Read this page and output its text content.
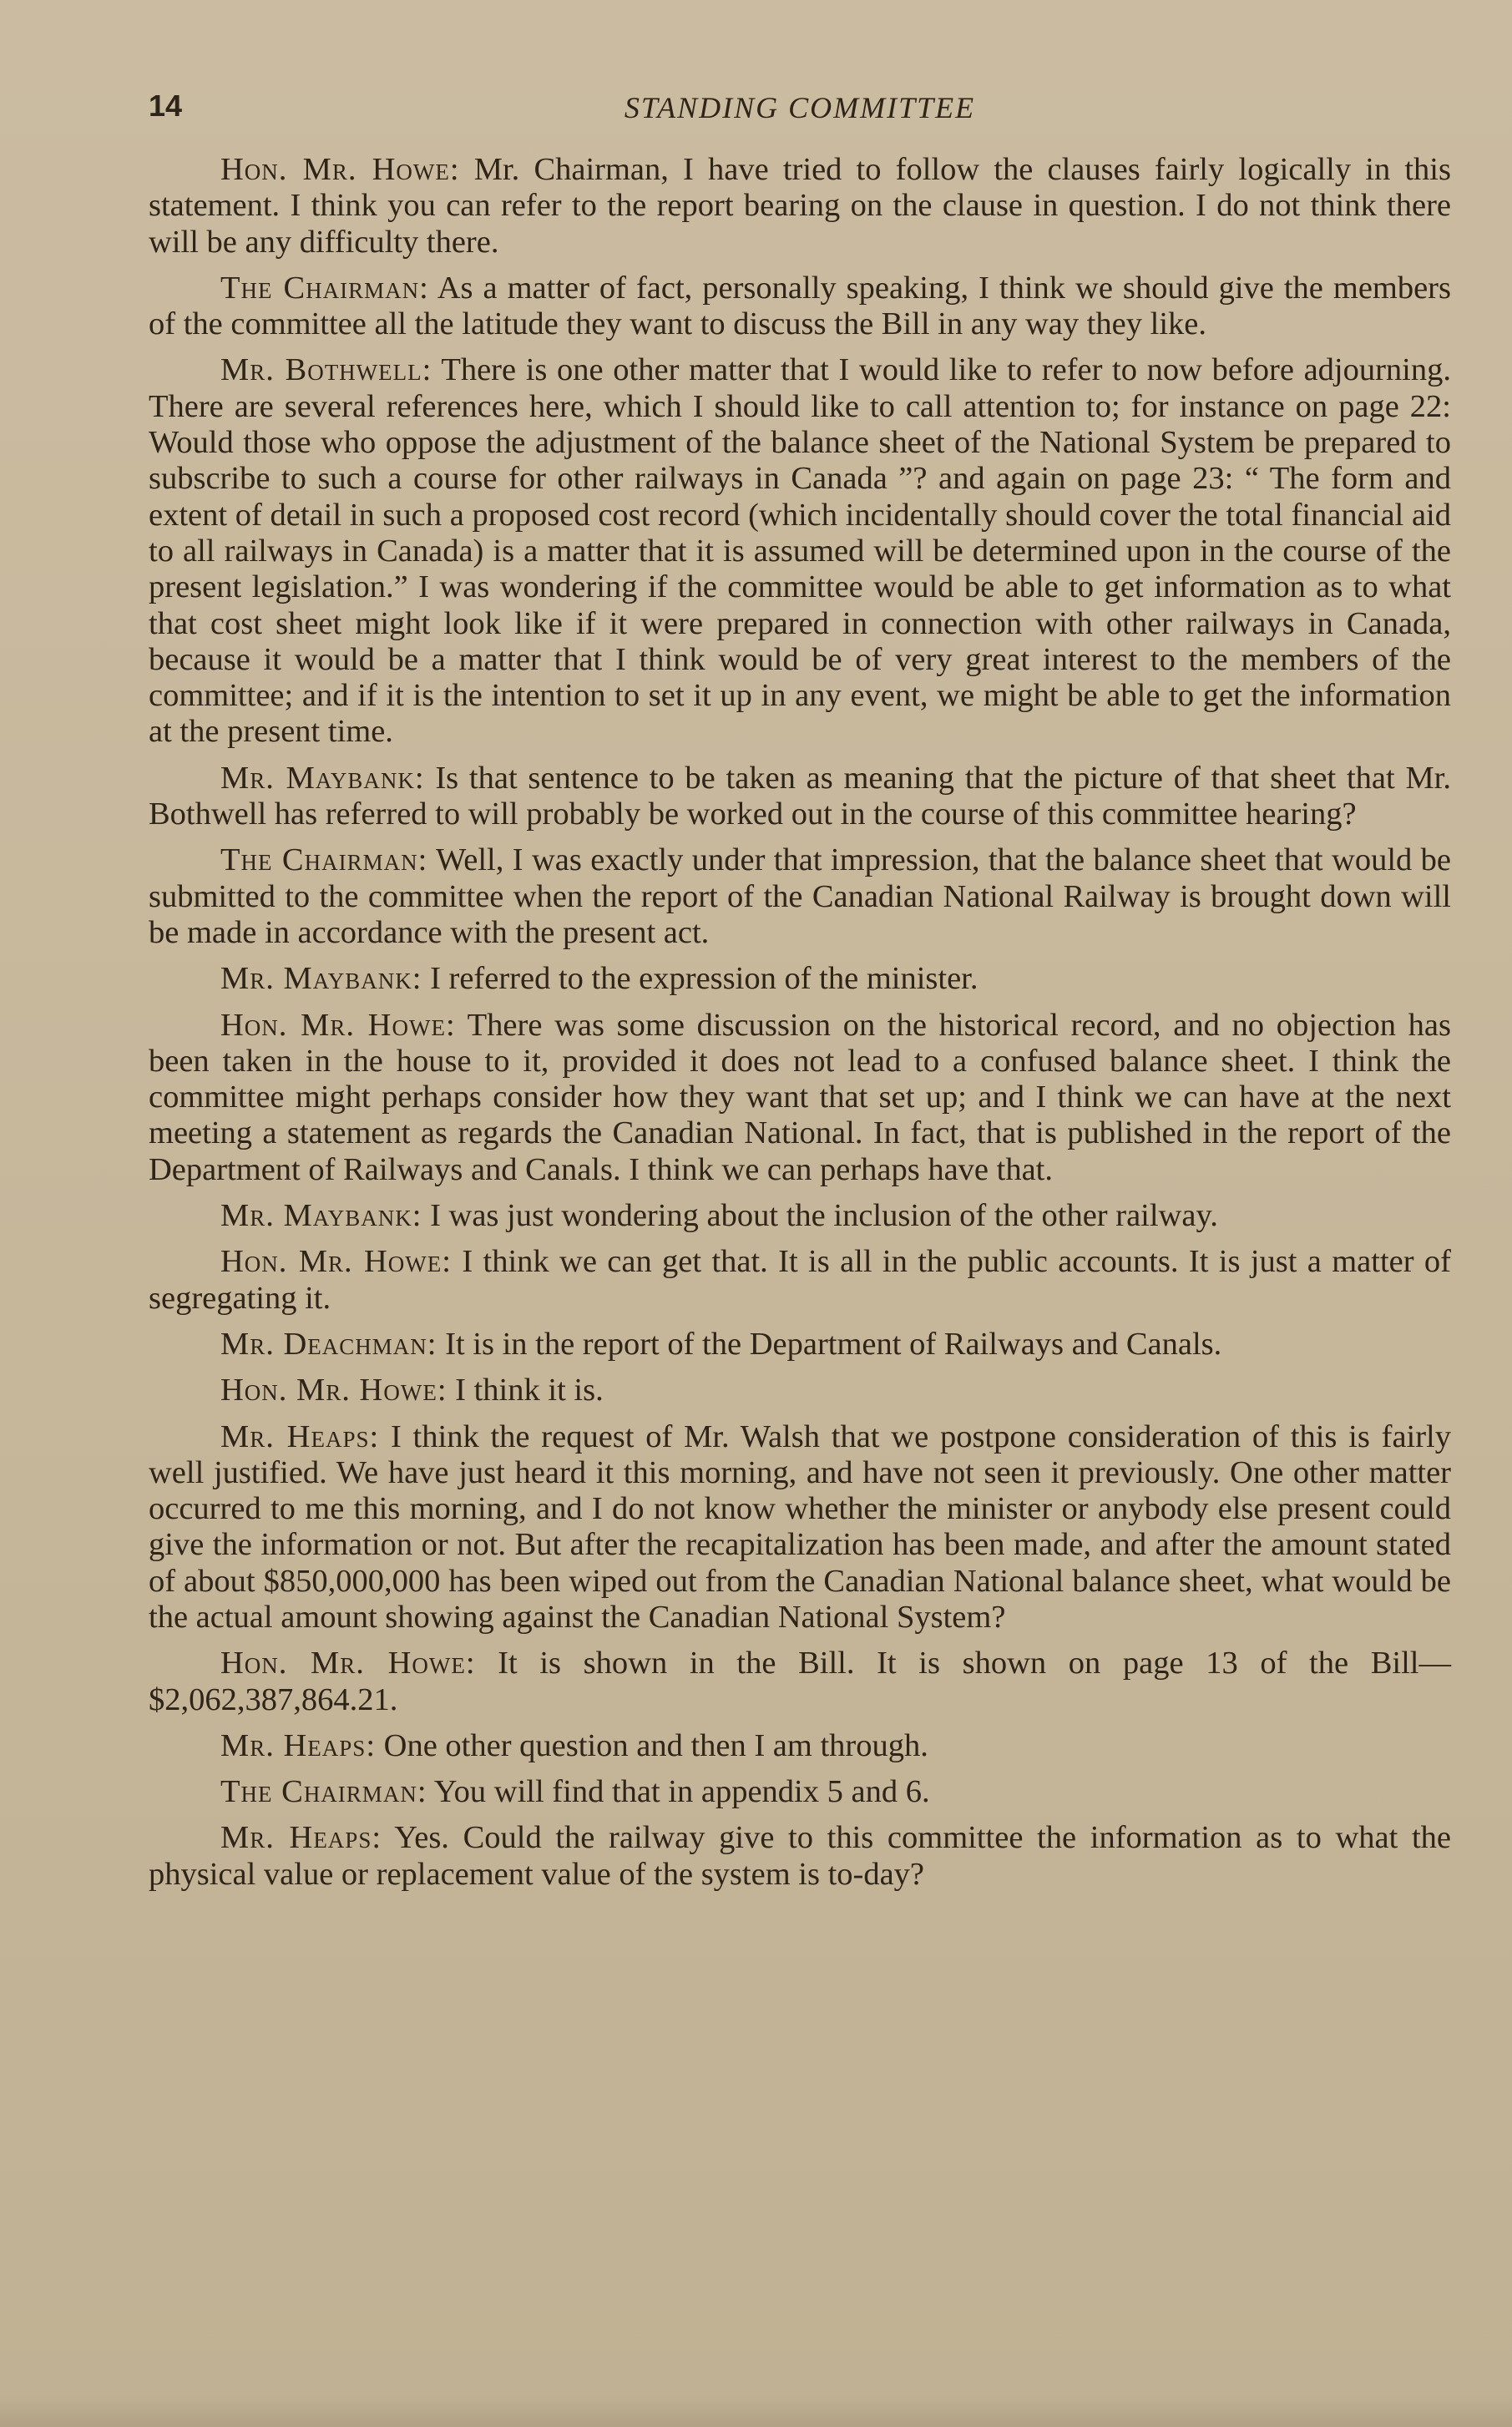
14	STANDING COMMITTEE

Hon. Mr. Howe: Mr. Chairman, I have tried to follow the clauses fairly logically in this statement. I think you can refer to the report bearing on the clause in question. I do not think there will be any difficulty there.

The Chairman: As a matter of fact, personally speaking, I think we should give the members of the committee all the latitude they want to discuss the Bill in any way they like.

Mr. Bothwell: There is one other matter that I would like to refer to now before adjourning. There are several references here, which I should like to call attention to; for instance on page 22: Would those who oppose the adjustment of the balance sheet of the National System be prepared to subscribe to such a course for other railways in Canada ”? and again on page 23: “ The form and extent of detail in such a proposed cost record (which incidentally should cover the total financial aid to all railways in Canada) is a matter that it is assumed will be determined upon in the course of the present legislation.” I was wondering if the committee would be able to get information as to what that cost sheet might look like if it were prepared in connection with other railways in Canada, because it would be a matter that I think would be of very great interest to the members of the committee; and if it is the intention to set it up in any event, we might be able to get the information at the present time.

Mr. Maybank: Is that sentence to be taken as meaning that the picture of that sheet that Mr. Bothwell has referred to will probably be worked out in the course of this committee hearing?

The Chairman: Well, I was exactly under that impression, that the balance sheet that would be submitted to the committee when the report of the Canadian National Railway is brought down will be made in accordance with the present act.

Mr. Maybank: I referred to the expression of the minister.

Hon. Mr. Howe: There was some discussion on the historical record, and no objection has been taken in the house to it, provided it does not lead to a confused balance sheet. I think the committee might perhaps consider how they want that set up; and I think we can have at the next meeting a statement as regards the Canadian National. In fact, that is published in the report of the Department of Railways and Canals. I think we can perhaps have that.

Mr. Maybank: I was just wondering about the inclusion of the other railway.

Hon. Mr. Howe: I think we can get that. It is all in the public accounts. It is just a matter of segregating it.

Mr. Deachman: It is in the report of the Department of Railways and Canals.

Hon. Mr. Howe: I think it is.

Mr. Heaps: I think the request of Mr. Walsh that we postpone consideration of this is fairly well justified. We have just heard it this morning, and have not seen it previously. One other matter occurred to me this morning, and I do not know whether the minister or anybody else present could give the information or not. But after the recapitalization has been made, and after the amount stated of about $850,000,000 has been wiped out from the Canadian National balance sheet, what would be the actual amount showing against the Canadian National System?

Hon. Mr. Howe: It is shown in the Bill. It is shown on page 13 of the Bill—$2,062,387,864.21.

Mr. Heaps: One other question and then I am through.

The Chairman: You will find that in appendix 5 and 6.

Mr. Heaps: Yes. Could the railway give to this committee the information as to what the physical value or replacement value of the system is to-day?
